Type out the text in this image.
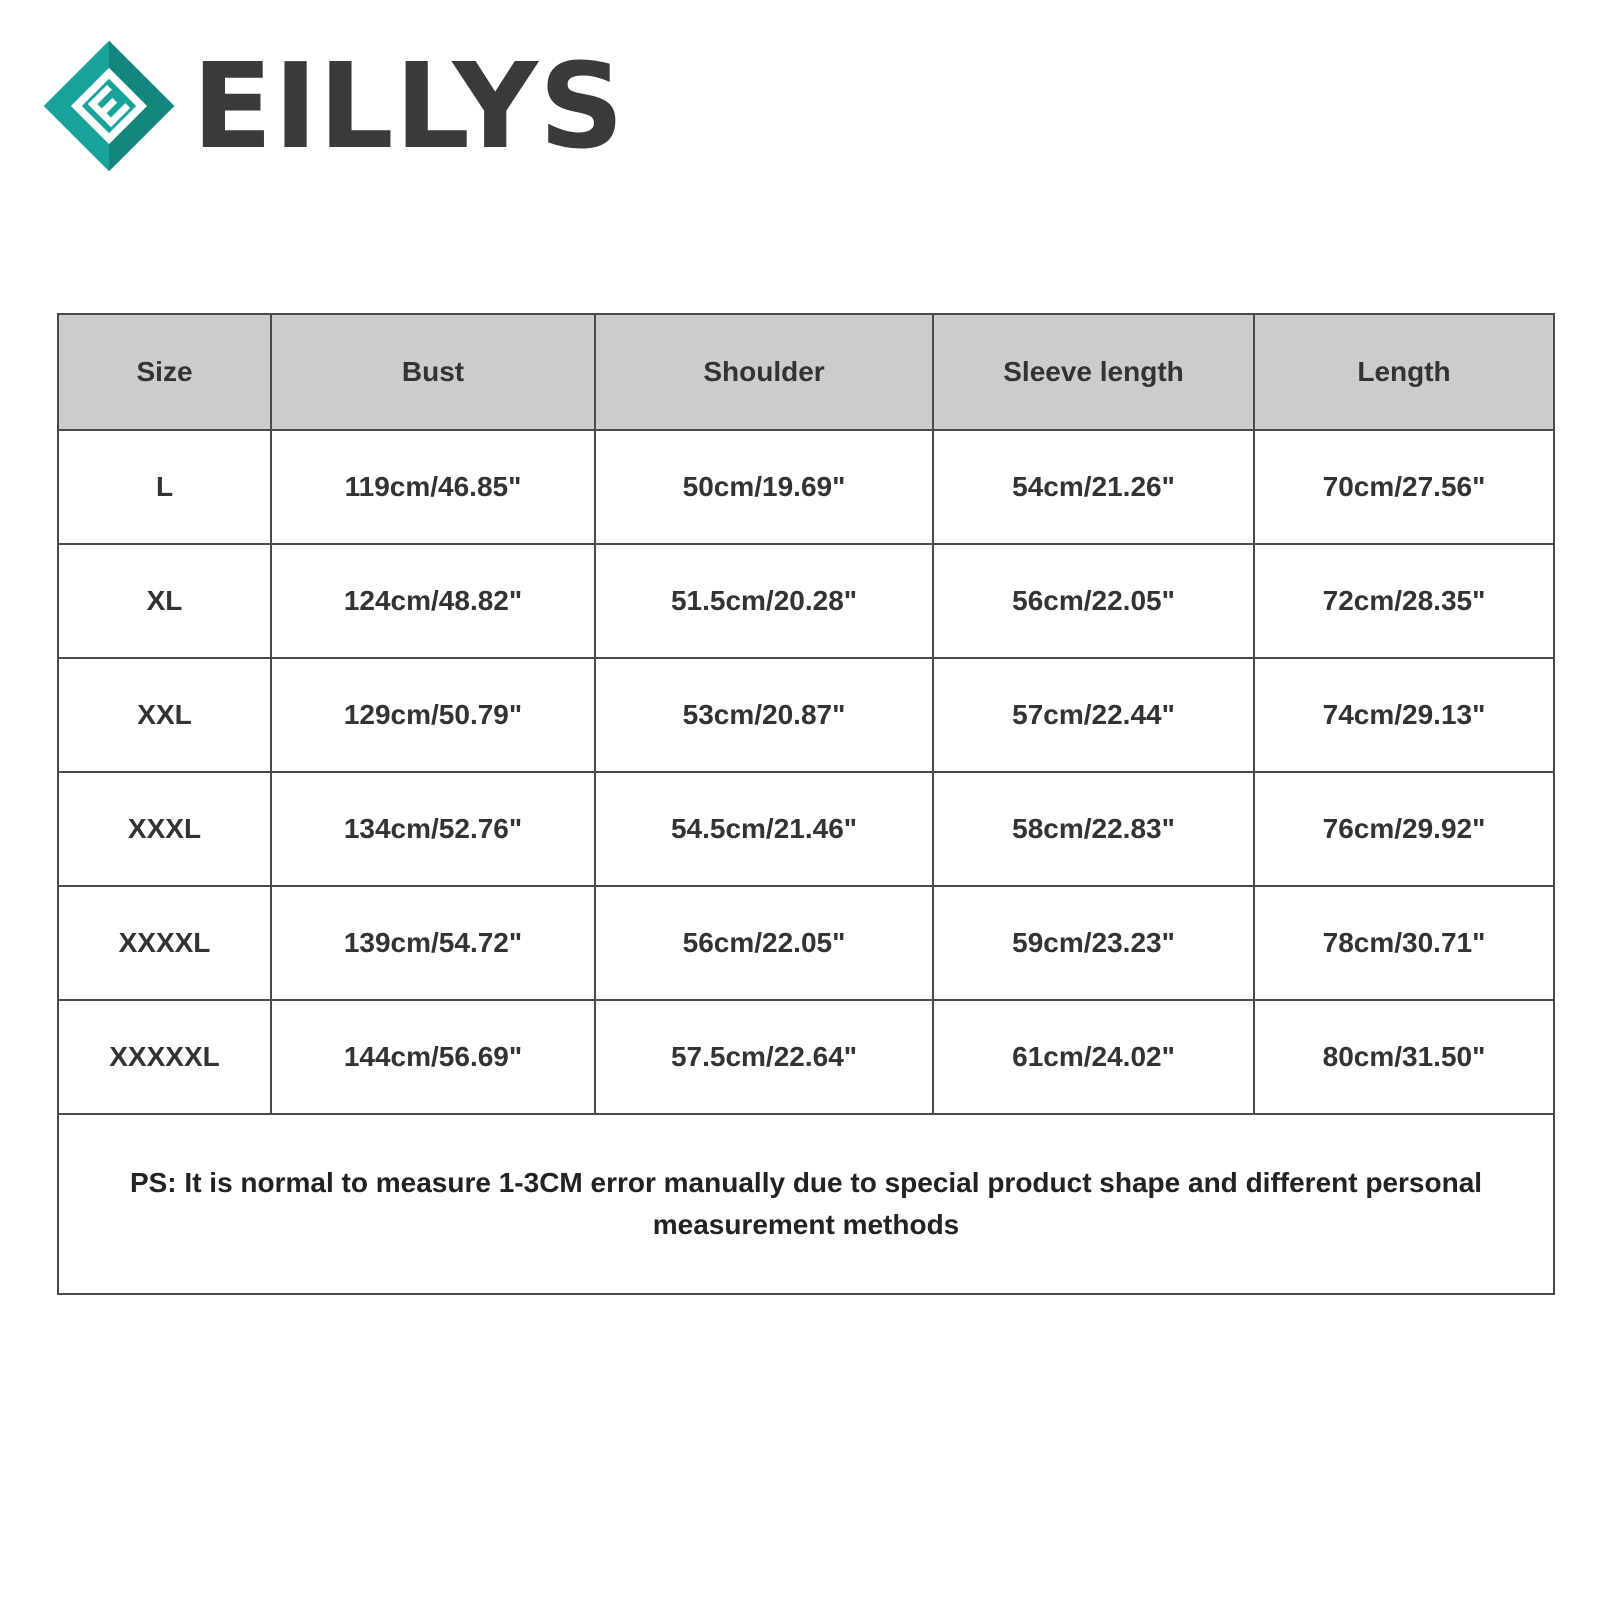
EILLYS
Size	Bust	Shoulder	Sleeve length	Length
L	119cm/46.85"	50cm/19.69"	54cm/21.26"	70cm/27.56"
XL	124cm/48.82"	51.5cm/20.28"	56cm/22.05"	72cm/28.35"
XXL	129cm/50.79"	53cm/20.87"	57cm/22.44"	74cm/29.13"
XXXL	134cm/52.76"	54.5cm/21.46"	58cm/22.83"	76cm/29.92"
XXXXL	139cm/54.72"	56cm/22.05"	59cm/23.23"	78cm/30.71"
XXXXXL	144cm/56.69"	57.5cm/22.64"	61cm/24.02"	80cm/31.50"
PS: It is normal to measure 1-3CM error manually due to special product shape and different personal measurement methods				
